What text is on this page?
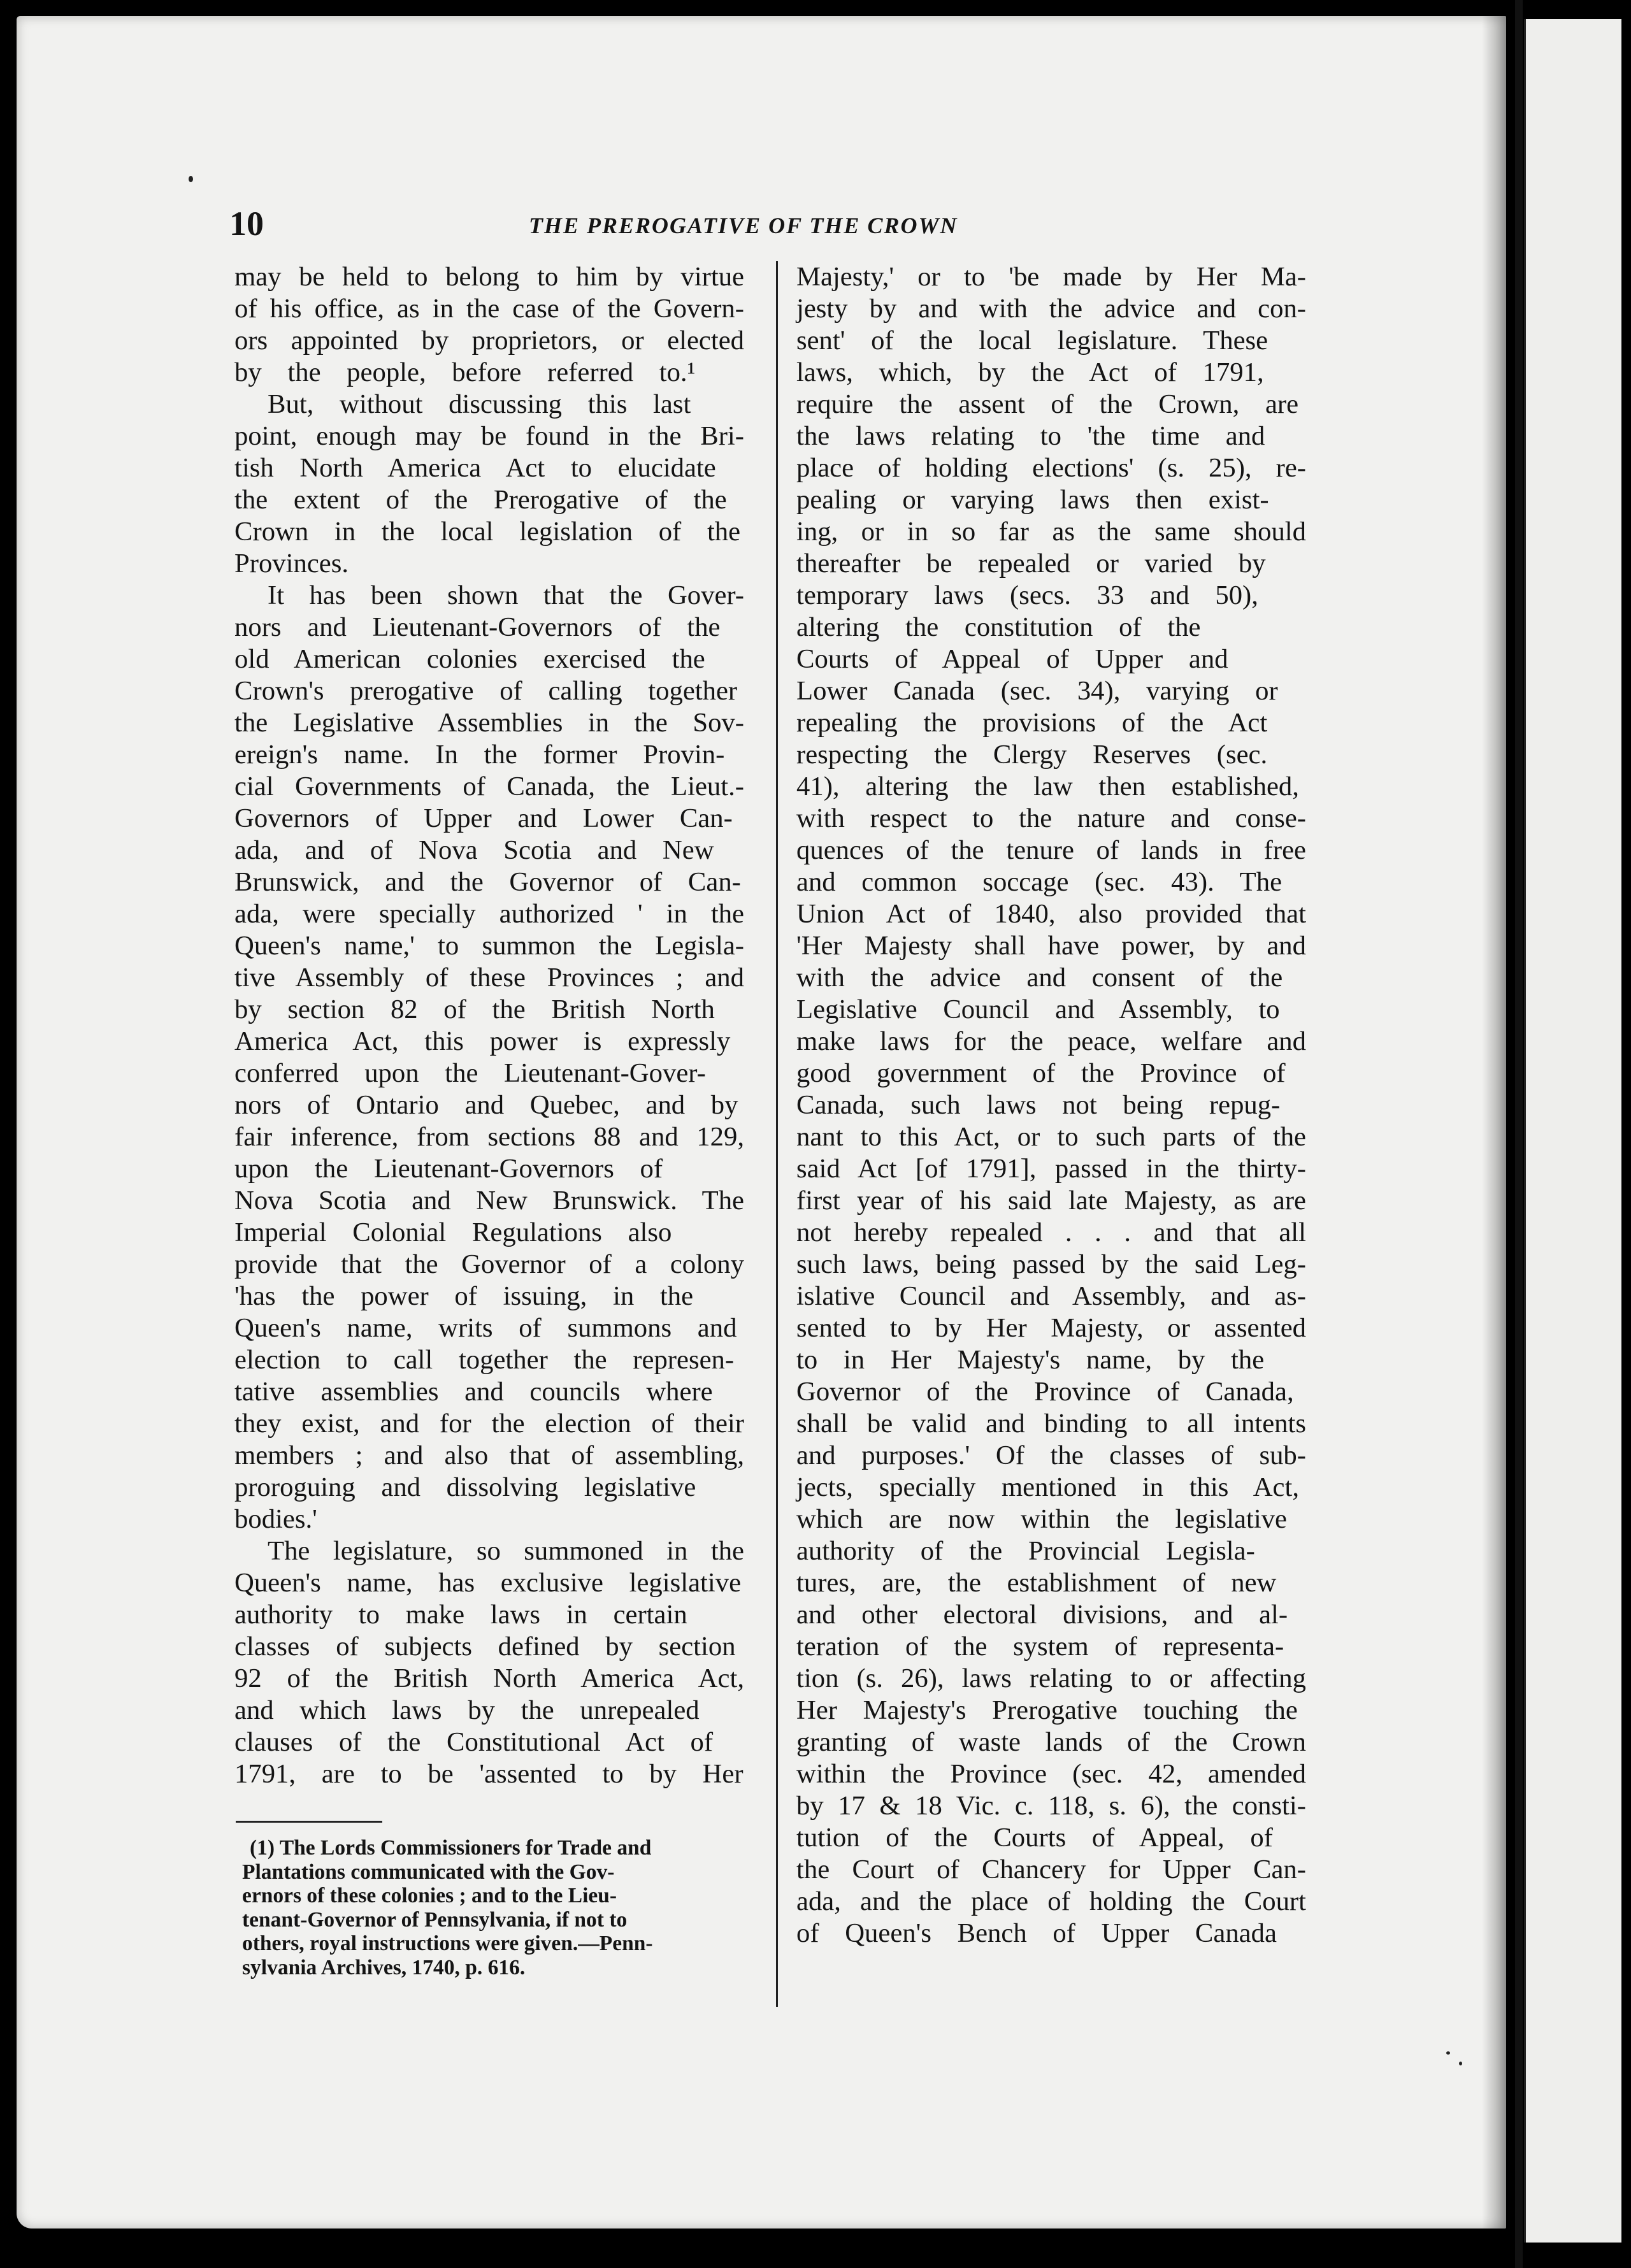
10	THE PREROGATIVE OF THE CROWN
may be held to belong to him by virtue
of his office, as in the case of the Govern-
ors appointed by proprietors, or elected
by the people, before referred to.¹
But, without discussing this last
point, enough may be found in the Bri-
tish North America Act to elucidate
the extent of the Prerogative of the
Crown in the local legislation of the
Provinces.
It has been shown that the Gover-
nors and Lieutenant-Governors of the
old American colonies exercised the
Crown's prerogative of calling together
the Legislative Assemblies in the Sov-
ereign's name. In the former Provin-
cial Governments of Canada, the Lieut.-
Governors of Upper and Lower Can-
ada, and of Nova Scotia and New
Brunswick, and the Governor of Can-
ada, were specially authorized ' in the
Queen's name,' to summon the Legisla-
tive Assembly of these Provinces ; and
by section 82 of the British North
America Act, this power is expressly
conferred upon the Lieutenant-Gover-
nors of Ontario and Quebec, and by
fair inference, from sections 88 and 129,
upon the Lieutenant-Governors of
Nova Scotia and New Brunswick. The
Imperial Colonial Regulations also
provide that the Governor of a colony
'has the power of issuing, in the
Queen's name, writs of summons and
election to call together the represen-
tative assemblies and councils where
they exist, and for the election of their
members ; and also that of assembling,
proroguing and dissolving legislative
bodies.'
The legislature, so summoned in the
Queen's name, has exclusive legislative
authority to make laws in certain
classes of subjects defined by section
92 of the British North America Act,
and which laws by the unrepealed
clauses of the Constitutional Act of
1791, are to be 'assented to by Her
Majesty,' or to 'be made by Her Ma-
jesty by and with the advice and con-
sent' of the local legislature. These
laws, which, by the Act of 1791,
require the assent of the Crown, are
the laws relating to 'the time and
place of holding elections' (s. 25), re-
pealing or varying laws then exist-
ing, or in so far as the same should
thereafter be repealed or varied by
temporary laws (secs. 33 and 50),
altering the constitution of the
Courts of Appeal of Upper and
Lower Canada (sec. 34), varying or
repealing the provisions of the Act
respecting the Clergy Reserves (sec.
41), altering the law then established,
with respect to the nature and conse-
quences of the tenure of lands in free
and common soccage (sec. 43). The
Union Act of 1840, also provided that
'Her Majesty shall have power, by and
with the advice and consent of the
Legislative Council and Assembly, to
make laws for the peace, welfare and
good government of the Province of
Canada, such laws not being repug-
nant to this Act, or to such parts of the
said Act [of 1791], passed in the thirty-
first year of his said late Majesty, as are
not hereby repealed . . . and that all
such laws, being passed by the said Leg-
islative Council and Assembly, and as-
sented to by Her Majesty, or assented
to in Her Majesty's name, by the
Governor of the Province of Canada,
shall be valid and binding to all intents
and purposes.' Of the classes of sub-
jects, specially mentioned in this Act,
which are now within the legislative
authority of the Provincial Legisla-
tures, are, the establishment of new
and other electoral divisions, and al-
teration of the system of representa-
tion (s. 26), laws relating to or affecting
Her Majesty's Prerogative touching the
granting of waste lands of the Crown
within the Province (sec. 42, amended
by 17 & 18 Vic. c. 118, s. 6), the consti-
tution of the Courts of Appeal, of
the Court of Chancery for Upper Can-
ada, and the place of holding the Court
of Queen's Bench of Upper Canada
(1) The Lords Commissioners for Trade and
Plantations communicated with the Gov-
ernors of these colonies ; and to the Lieu-
tenant-Governor of Pennsylvania, if not to
others, royal instructions were given.—Penn-
sylvania Archives, 1740, p. 616.
